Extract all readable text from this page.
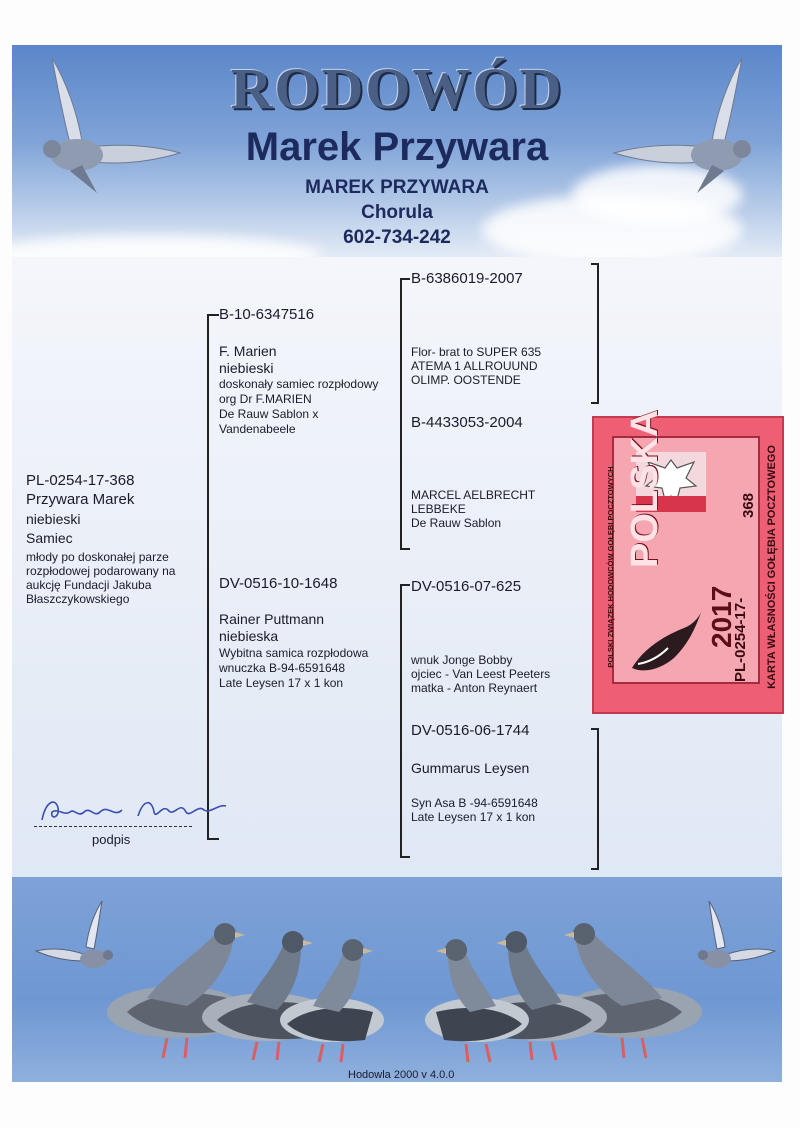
RODOWÓD
Marek Przywara
MAREK PRZYWARA
Chorula
602-734-242
PL-0254-17-368
Przywara Marek
niebieski
Samiec
młody po doskonałej parze
rozpłodowej podarowany na
aukcję Fundacji Jakuba
Błaszczykowskiego
B-10-6347516
F. Marien
niebieski
doskonały samiec rozpłodowy
org Dr F.MARIEN
De Rauw Sablon x
Vandenabeele
DV-0516-10-1648
Rainer Puttmann
niebieska
Wybitna samica rozpłodowa
wnuczka B-94-6591648
Late Leysen 17 x 1 kon
B-6386019-2007
Flor- brat to SUPER 635
ATEMA 1 ALLROUUND
OLIMP. OOSTENDE
B-4433053-2004
MARCEL AELBRECHT
LEBBEKE
De Rauw Sablon
DV-0516-07-625
wnuk Jonge Bobby
ojciec - Van Leest Peeters
matka - Anton Reynaert
DV-0516-06-1744
Gummarus Leysen
Syn Asa B -94-6591648
Late Leysen 17 x 1 kon
podpis
POLSKA
2017
368
PL-0254-17-
POLSKI ZWIĄZEK HODOWCÓW GOŁĘBI POCZTOWYCH	KARTA WŁASNOŚCI GOŁĘBIA POCZTOWEGO
Hodowla 2000 v 4.0.0
